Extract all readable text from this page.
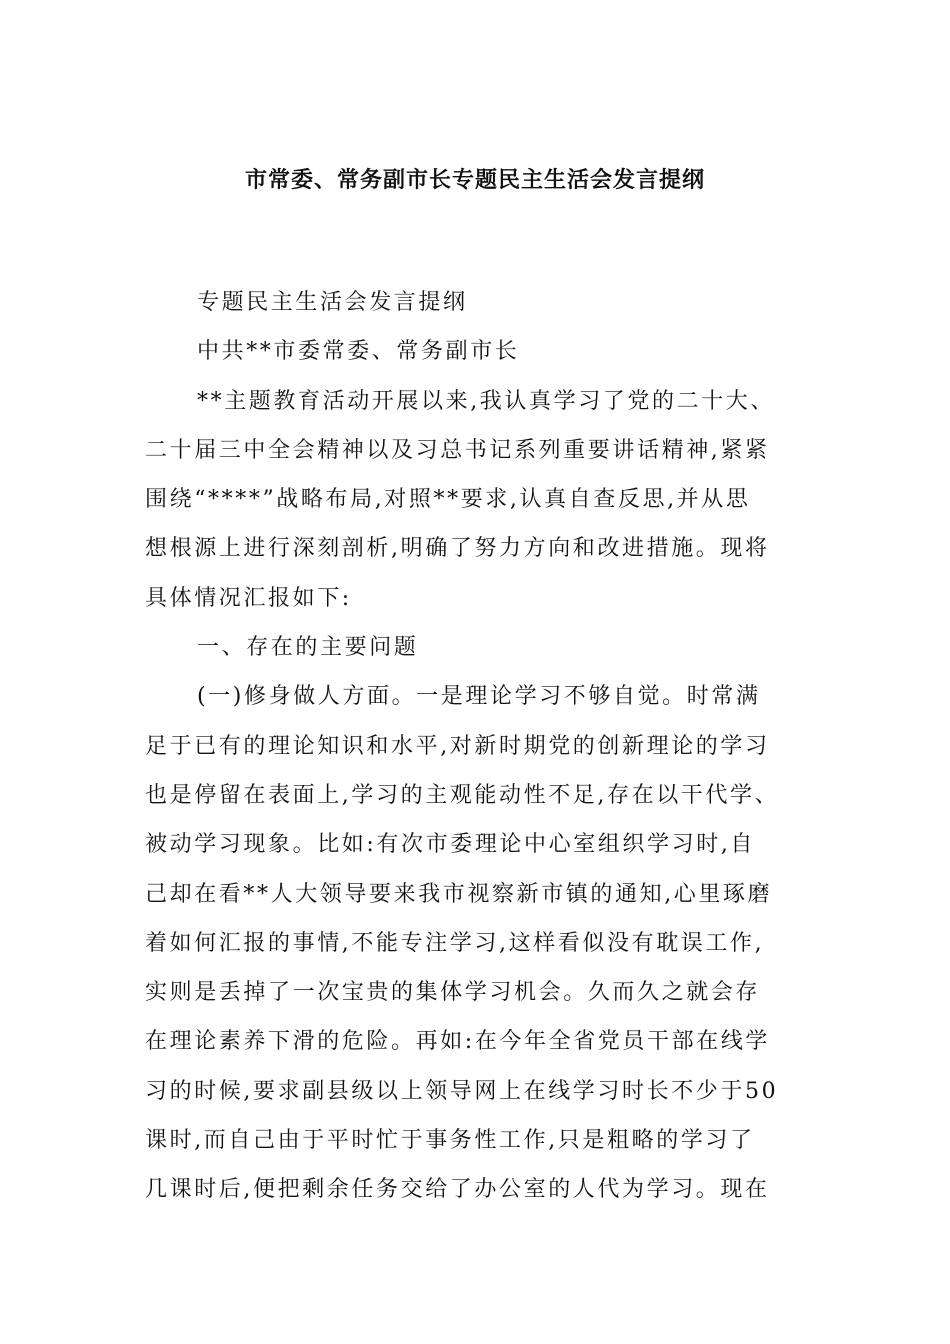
市常委、常务副市长专题民主生活会发言提纲
专题民主生活会发言提纲
中共**市委常委、常务副市长
**主题教育活动开展以来,我认真学习了党的二十大、
二十届三中全会精神以及习总书记系列重要讲话精神,紧紧
围绕“****”战略布局,对照**要求,认真自查反思,并从思
想根源上进行深刻剖析,明确了努力方向和改进措施。现将
具体情况汇报如下:
一、存在的主要问题
(一)修身做人方面。一是理论学习不够自觉。时常满
足于已有的理论知识和水平,对新时期党的创新理论的学习
也是停留在表面上,学习的主观能动性不足,存在以干代学、
被动学习现象。比如:有次市委理论中心室组织学习时,自
己却在看**人大领导要来我市视察新市镇的通知,心里琢磨
着如何汇报的事情,不能专注学习,这样看似没有耽误工作,
实则是丢掉了一次宝贵的集体学习机会。久而久之就会存
在理论素养下滑的危险。再如:在今年全省党员干部在线学
习的时候,要求副县级以上领导网上在线学习时长不少于50
课时,而自己由于平时忙于事务性工作,只是粗略的学习了
几课时后,便把剩余任务交给了办公室的人代为学习。现在
